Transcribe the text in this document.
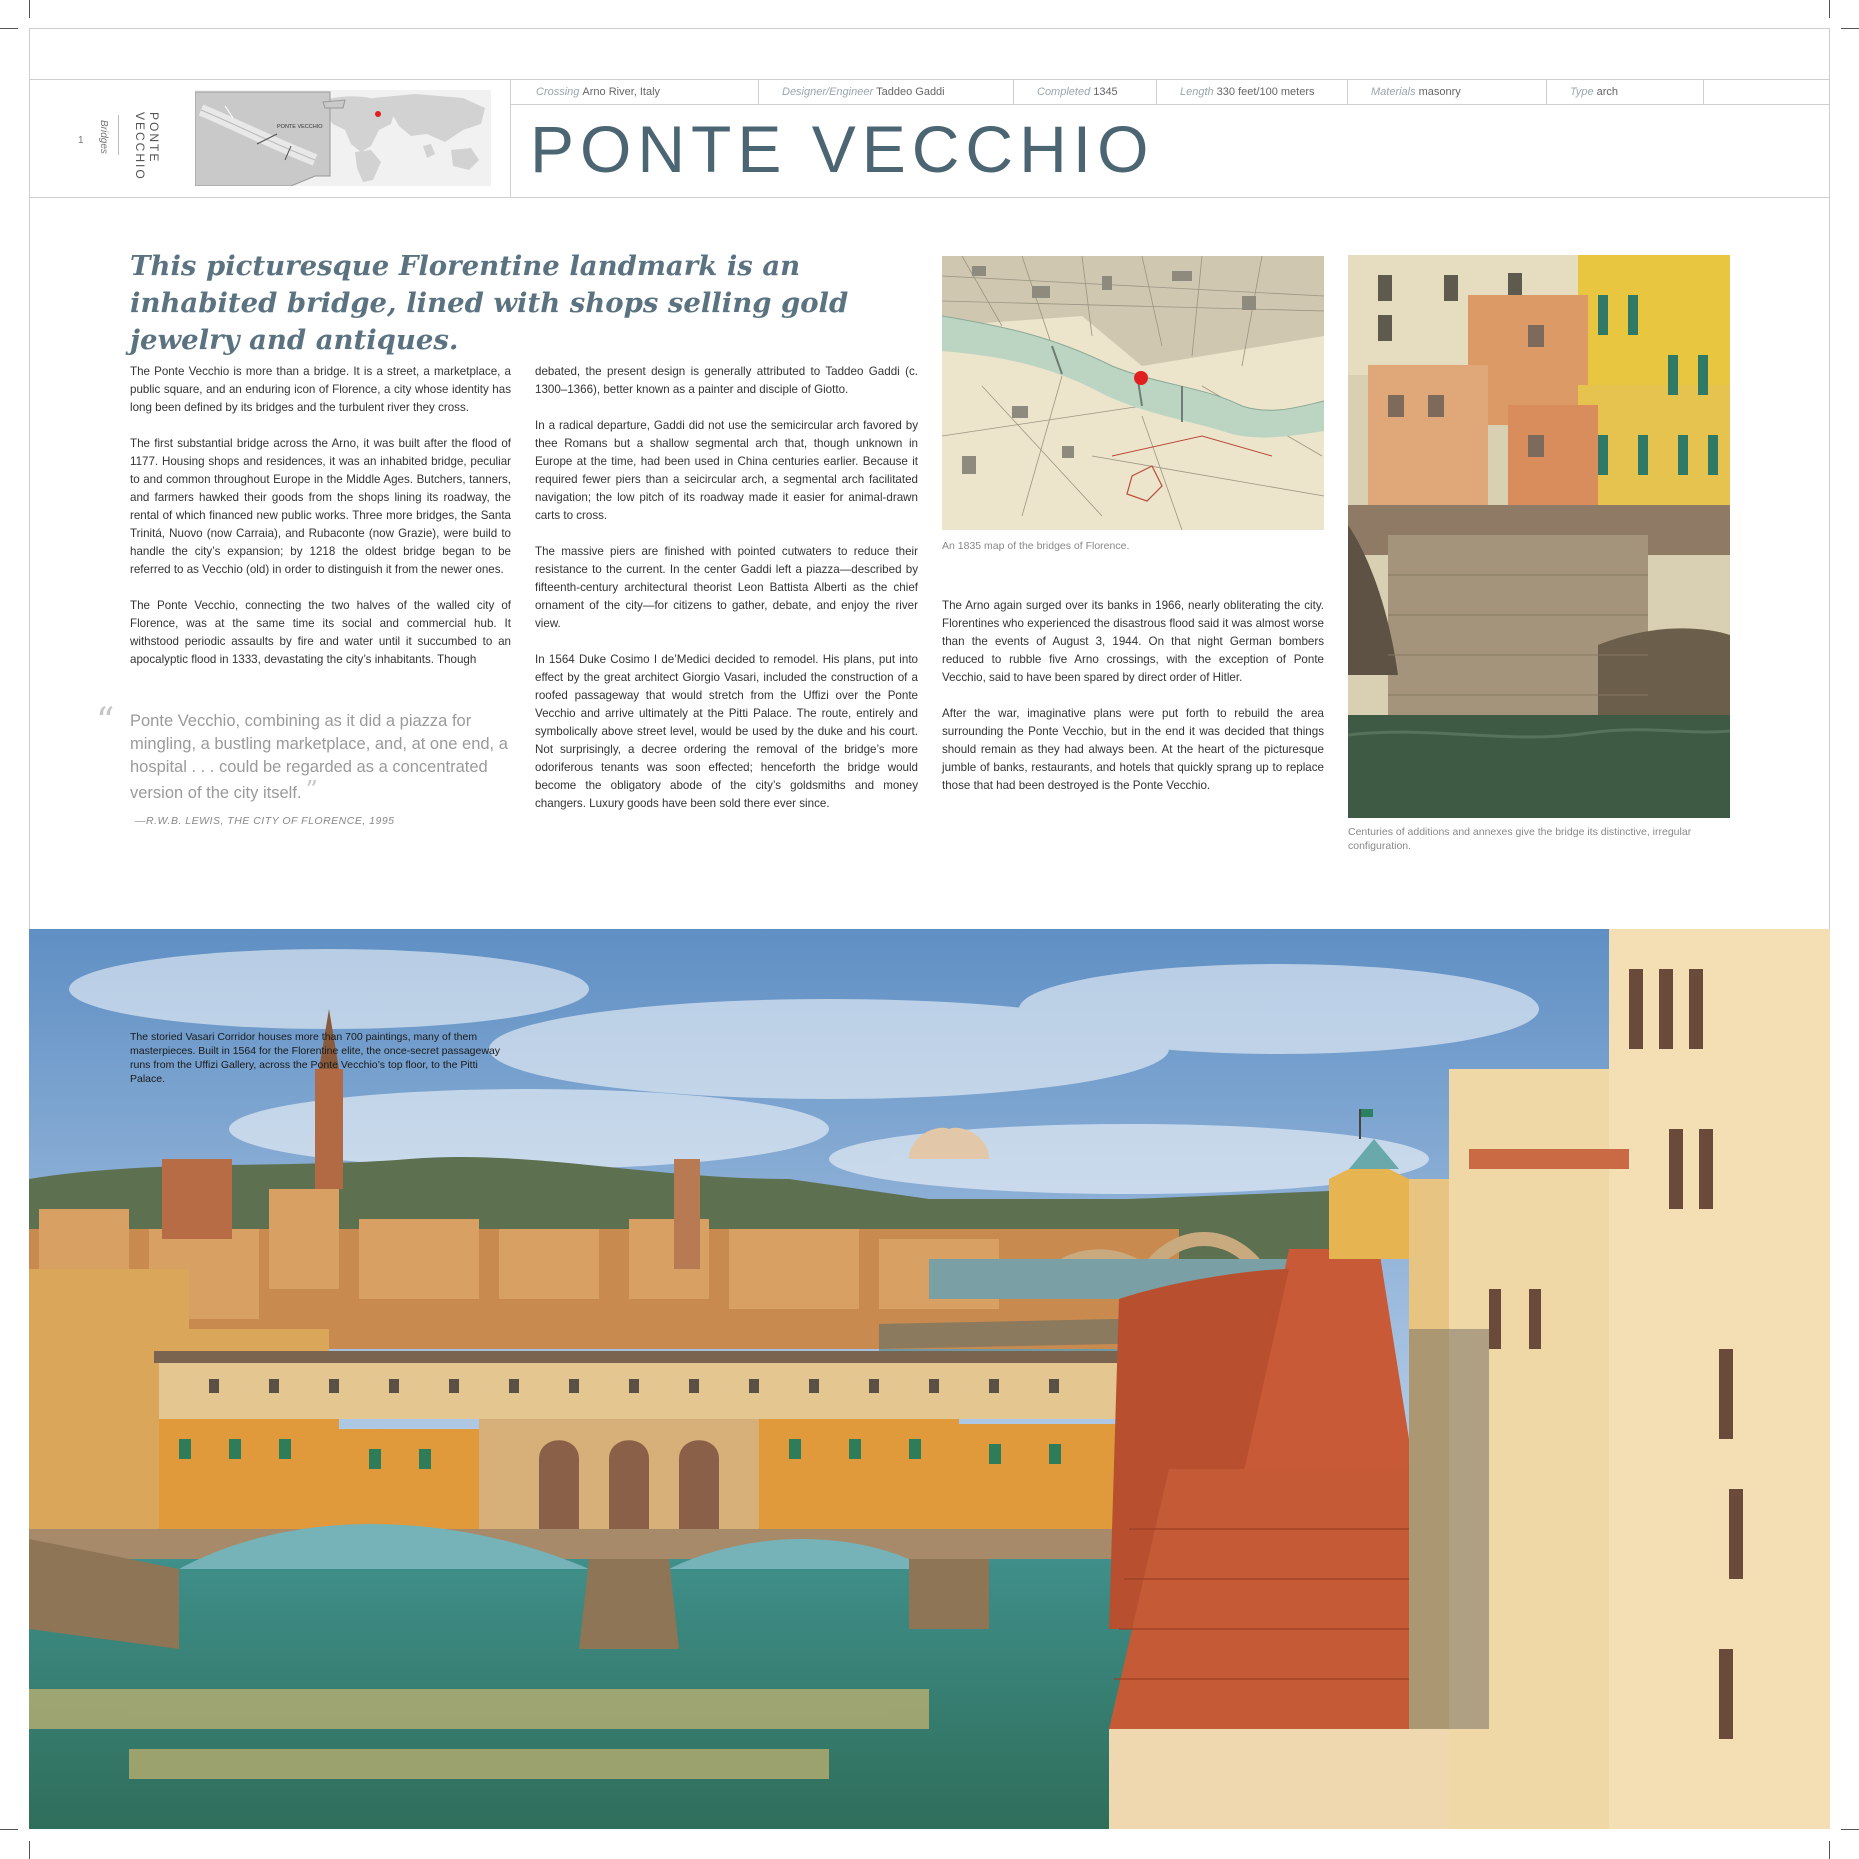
PONTE
VECCHIO
Bridges
1
PONTE VECCHIO
Crossing Arno River, Italy	Designer/Engineer Taddeo Gaddi	Completed 1345	Length 330 feet/100 meters	Materials masonry	Type arch
PONTE VECCHIO
This picturesque Florentine landmark is an inhabited bridge, lined with shops selling gold jewelry and antiques.

The Ponte Vecchio is more than a bridge. It is a street, a marketplace, a public square, and an enduring icon of Florence, a city whose identity has long been defined by its bridges and the turbulent river they cross.

The first substantial bridge across the Arno, it was built after the flood of 1177. Housing shops and residences, it was an inhabited bridge, peculiar to and common throughout Europe in the Middle Ages. Butchers, tanners, and farmers hawked their goods from the shops lining its roadway, the rental of which financed new public works. Three more bridges, the Santa Trinitá, Nuovo (now Carraia), and Rubaconte (now Grazie), were build to handle the city’s expansion; by 1218 the oldest bridge began to be referred to as Vecchio (old) in order to distinguish it from the newer ones.

The Ponte Vecchio, connecting the two halves of the walled city of Florence, was at the same time its social and commercial hub. It withstood periodic assaults by fire and water until it succumbed to an apocalyptic flood in 1333, devastating the city’s inhabitants. Though

“ Ponte Vecchio, combining as it did a piazza for mingling, a bustling marketplace, and, at one end, a hospital . . . could be regarded as a concentrated version of the city itself. ”
—R.W.B. LEWIS, THE CITY OF FLORENCE, 1995

debated, the present design is generally attributed to Taddeo Gaddi (c. 1300–1366), better known as a painter and disciple of Giotto.

In a radical departure, Gaddi did not use the semicircular arch favored by thee Romans but a shallow segmental arch that, though unknown in Europe at the time, had been used in China centuries earlier. Because it required fewer piers than a seicircular arch, a segmental arch facilitated navigation; the low pitch of its roadway made it easier for animal-drawn carts to cross.

The massive piers are finished with pointed cutwaters to reduce their resistance to the current. In the center Gaddi left a piazza—described by fifteenth-century architectural theorist Leon Battista Alberti as the chief ornament of the city—for citizens to gather, debate, and enjoy the river view.

In 1564 Duke Cosimo I de’Medici decided to remodel. His plans, put into effect by the great architect Giorgio Vasari, included the construction of a roofed passageway that would stretch from the Uffizi over the Ponte Vecchio and arrive ultimately at the Pitti Palace. The route, entirely and symbolically above street level, would be used by the duke and his court. Not surprisingly, a decree ordering the removal of the bridge’s more odoriferous tenants was soon effected; henceforth the bridge would become the obligatory abode of the city’s goldsmiths and money changers. Luxury goods have been sold there ever since.

An 1835 map of the bridges of Florence.

The Arno again surged over its banks in 1966, nearly obliterating the city. Florentines who experienced the disastrous flood said it was almost worse than the events of August 3, 1944. On that night German bombers reduced to rubble five Arno crossings, with the exception of Ponte Vecchio, said to have been spared by direct order of Hitler.

After the war, imaginative plans were put forth to rebuild the area surrounding the Ponte Vecchio, but in the end it was decided that things should remain as they had always been. At the heart of the picturesque jumble of banks, restaurants, and hotels that quickly sprang up to replace those that had been destroyed is the Ponte Vecchio.

Centuries of additions and annexes give the bridge its distinctive, irregular configuration.
The storied Vasari Corridor houses more than 700 paintings, many of them masterpieces. Built in 1564 for the Florentine elite, the once-secret passageway runs from the Uffizi Gallery, across the Ponte Vecchio’s top floor, to the Pitti Palace.
